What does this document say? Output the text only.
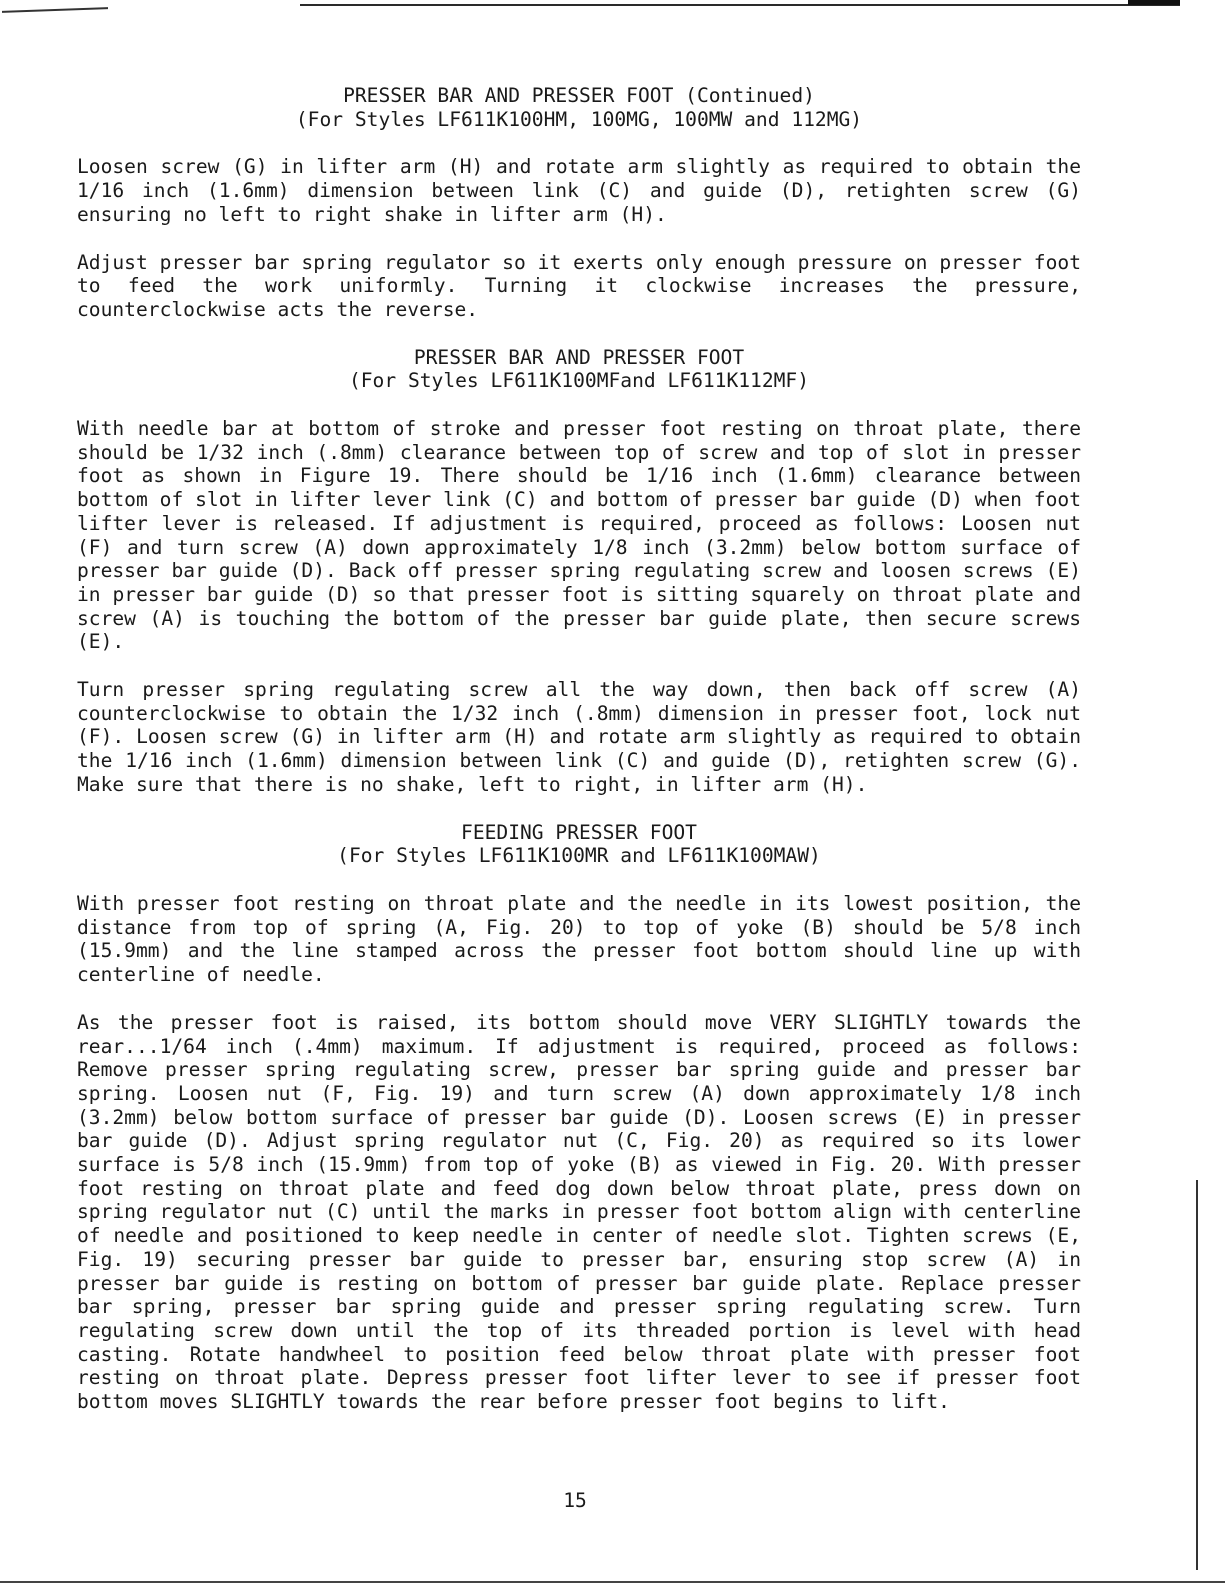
PRESSER BAR AND PRESSER FOOT (Continued)

(For Styles LF611K100HM, 100MG, 100MW and 112MG)

Loosen screw (G) in lifter arm (H) and rotate arm slightly as required to obtain the 1/16 inch (1.6mm) dimension between link (C) and guide (D), retighten screw (G) ensuring no left to right shake in lifter arm (H).

Adjust presser bar spring regulator so it exerts only enough pressure on presser foot to feed the work uniformly. Turning it clockwise increases the pressure, counterclockwise acts the reverse.

PRESSER BAR AND PRESSER FOOT

(For Styles LF611K100MFand LF611K112MF)

With needle bar at bottom of stroke and presser foot resting on throat plate, there should be 1/32 inch (.8mm) clearance between top of screw and top of slot in presser foot as shown in Figure 19. There should be 1/16 inch (1.6mm) clearance between bottom of slot in lifter lever link (C) and bottom of presser bar guide (D) when foot lifter lever is released. If adjustment is required, proceed as follows: Loosen nut (F) and turn screw (A) down approximately 1/8 inch (3.2mm) below bottom surface of presser bar guide (D). Back off presser spring regulating screw and loosen screws (E) in presser bar guide (D) so that presser foot is sitting squarely on throat plate and screw (A) is touching the bottom of the presser bar guide plate, then secure screws (E).

Turn presser spring regulating screw all the way down, then back off screw (A) counterclockwise to obtain the 1/32 inch (.8mm) dimension in presser foot, lock nut (F). Loosen screw (G) in lifter arm (H) and rotate arm slightly as required to obtain the 1/16 inch (1.6mm) dimension between link (C) and guide (D), retighten screw (G). Make sure that there is no shake, left to right, in lifter arm (H).

FEEDING PRESSER FOOT

(For Styles LF611K100MR and LF611K100MAW)

With presser foot resting on throat plate and the needle in its lowest position, the distance from top of spring (A, Fig. 20) to top of yoke (B) should be 5/8 inch (15.9mm) and the line stamped across the presser foot bottom should line up with centerline of needle.

As the presser foot is raised, its bottom should move VERY SLIGHTLY towards the rear...1/64 inch (.4mm) maximum. If adjustment is required, proceed as follows: Remove presser spring regulating screw, presser bar spring guide and presser bar spring. Loosen nut (F, Fig. 19) and turn screw (A) down approximately 1/8 inch (3.2mm) below bottom surface of presser bar guide (D). Loosen screws (E) in presser bar guide (D). Adjust spring regulator nut (C, Fig. 20) as required so its lower surface is 5/8 inch (15.9mm) from top of yoke (B) as viewed in Fig. 20. With presser foot resting on throat plate and feed dog down below throat plate, press down on spring regulator nut (C) until the marks in presser foot bottom align with centerline of needle and positioned to keep needle in center of needle slot. Tighten screws (E, Fig. 19) securing presser bar guide to presser bar, ensuring stop screw (A) in presser bar guide is resting on bottom of presser bar guide plate. Replace presser bar spring, presser bar spring guide and presser spring regulating screw. Turn regulating screw down until the top of its threaded portion is level with head casting. Rotate handwheel to position feed below throat plate with presser foot resting on throat plate. Depress presser foot lifter lever to see if presser foot bottom moves SLIGHTLY towards the rear before presser foot begins to lift.

15
